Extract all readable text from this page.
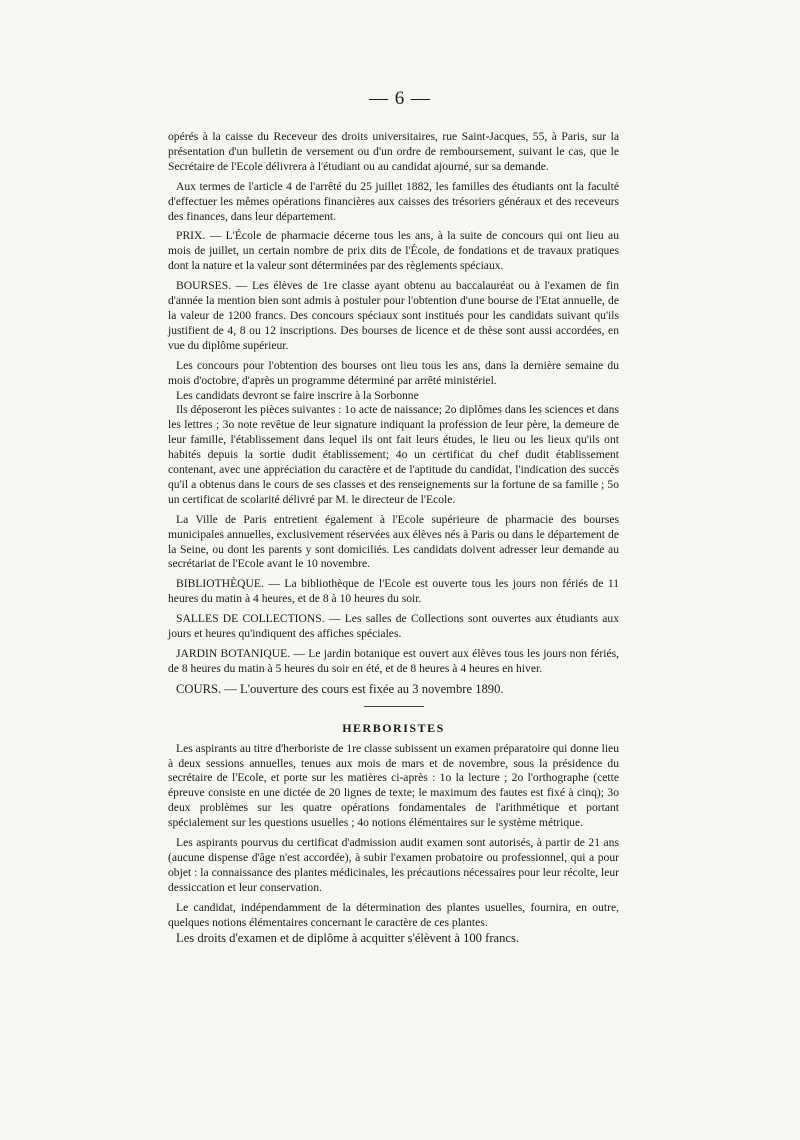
— 6 —

opérés à la caisse du Receveur des droits universitaires, rue Saint-Jacques, 55, à Paris, sur la présentation d'un bulletin de versement ou d'un ordre de remboursement, suivant le cas, que le Secrétaire de l'Ecole délivrera à l'étudiant ou au candidat ajourné, sur sa demande.

Aux termes de l'article 4 de l'arrêté du 25 juillet 1882, les familles des étudiants ont la faculté d'effectuer les mêmes opérations financières aux caisses des trésoriers généraux et des receveurs des finances, dans leur département.

PRIX. — L'École de pharmacie décerne tous les ans, à la suite de concours qui ont lieu au mois de juillet, un certain nombre de prix dits de l'École, de fondations et de travaux pratiques dont la nature et la valeur sont déterminées par des règlements spéciaux.

BOURSES. — Les élèves de 1re classe ayant obtenu au baccalauréat ou à l'examen de fin d'année la mention bien sont admis à postuler pour l'obtention d'une bourse de l'Etat annuelle, de la valeur de 1200 francs. Des concours spéciaux sont institués pour les candidats suivant qu'ils justifient de 4, 8 ou 12 inscriptions. Des bourses de licence et de thèse sont aussi accordées, en vue du diplôme supérieur.

Les concours pour l'obtention des bourses ont lieu tous les ans, dans la dernière semaine du mois d'octobre, d'après un programme déterminé par arrêté ministériel.

Les candidats devront se faire inscrire à la Sorbonne

Ils déposeront les pièces suivantes : 1o acte de naissance; 2o diplômes dans les sciences et dans les lettres ; 3o note revêtue de leur signature indiquant la profession de leur père, la demeure de leur famille, l'établissement dans lequel ils ont fait leurs études, le lieu ou les lieux qu'ils ont habités depuis la sortie dudit établissement; 4o un certificat du chef dudit établissement contenant, avec une appréciation du caractère et de l'aptitude du candidat, l'indication des succès qu'il a obtenus dans le cours de ses classes et des renseignements sur la fortune de sa famille ; 5o un certificat de scolarité délivré par M. le directeur de l'Ecole.

La Ville de Paris entretient également à l'Ecole supérieure de pharmacie des bourses municipales annuelles, exclusivement réservées aux élèves nés à Paris ou dans le département de la Seine, ou dont les parents y sont domiciliés. Les candidats doivent adresser leur demande au secrétariat de l'Ecole avant le 10 novembre.

BIBLIOTHÈQUE. — La bibliothèque de l'Ecole est ouverte tous les jours non fériés de 11 heures du matin à 4 heures, et de 8 à 10 heures du soir.

SALLES DE COLLECTIONS. — Les salles de Collections sont ouvertes aux étudiants aux jours et heures qu'indiquent des affiches spéciales.

JARDIN BOTANIQUE. — Le jardin botanique est ouvert aux élèves tous les jours non fériés, de 8 heures du matin à 5 heures du soir en été, et de 8 heures à 4 heures en hiver.

COURS. — L'ouverture des cours est fixée au 3 novembre 1890.

HERBORISTES

Les aspirants au titre d'herboriste de 1re classe subissent un examen préparatoire qui donne lieu à deux sessions annuelles, tenues aux mois de mars et de novembre, sous la présidence du secrétaire de l'Ecole, et porte sur les matières ci-après : 1o la lecture ; 2o l'orthographe (cette épreuve consiste en une dictée de 20 lignes de texte; le maximum des fautes est fixé à cinq); 3o deux problèmes sur les quatre opérations fondamentales de l'arithmétique et portant spécialement sur les questions usuelles ; 4o notions élémentaires sur le système métrique.

Les aspirants pourvus du certificat d'admission audit examen sont autorisés, à partir de 21 ans (aucune dispense d'âge n'est accordée), à subir l'examen probatoire ou professionnel, qui a pour objet : la connaissance des plantes médicinales, les précautions nécessaires pour leur récolte, leur dessiccation et leur conservation.

Le candidat, indépendamment de la détermination des plantes usuelles, fournira, en outre, quelques notions élémentaires concernant le caractère de ces plantes.

Les droits d'examen et de diplôme à acquitter s'élèvent à 100 francs.
